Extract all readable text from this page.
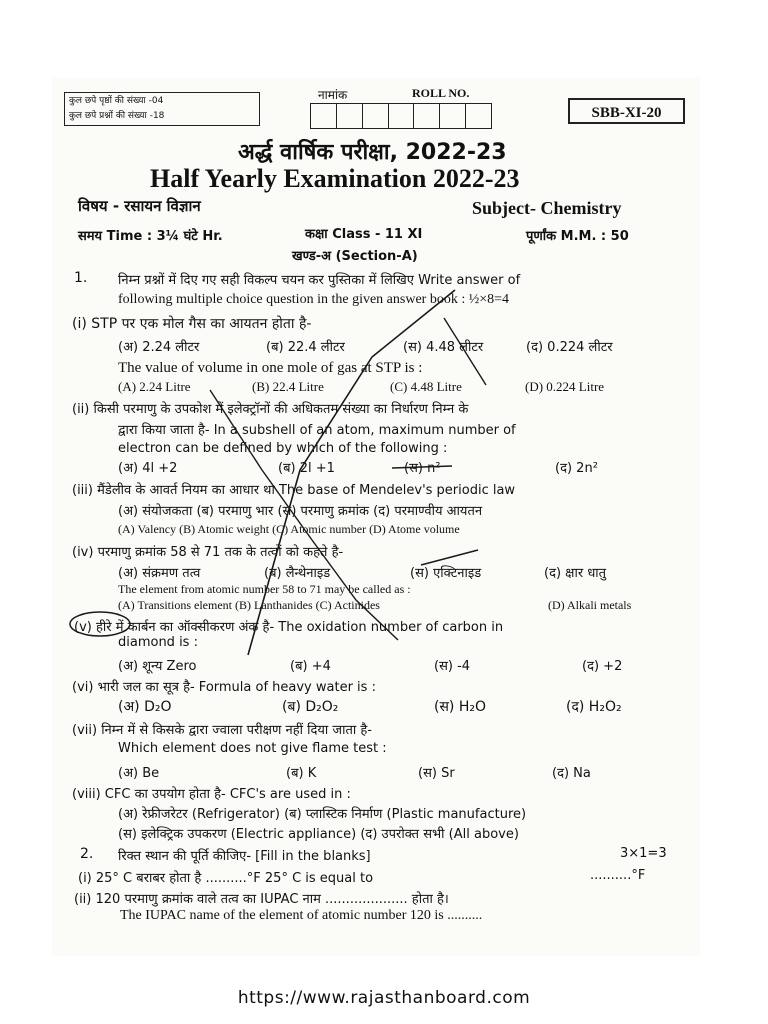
कुल छपे पृष्ठों की संख्या -04
कुल छपे प्रश्नों की संख्या -18
नामांक	ROLL NO.
SBB-XI-20
अर्द्ध वार्षिक परीक्षा, 2022-23
Half Yearly Examination 2022-23
विषय - रसायन विज्ञान	Subject- Chemistry
समय Time : 3¼ घंटे Hr.	कक्षा Class - 11 XI	पूर्णांक M.M. : 50
खण्ड-अ (Section-A)
1. निम्न प्रश्नों में दिए गए सही विकल्प चयन कर पुस्तिका में लिखिए Write answer of
following multiple choice question in the given answer book : ½×8=4
(i) STP पर एक मोल गैस का आयतन होता है-
(अ) 2.24 लीटर	(ब) 22.4 लीटर	(स) 4.48 लीटर	(द) 0.224 लीटर
The value of volume in one mole of gas at STP is :
(A) 2.24 Litre	(B) 22.4 Litre	(C) 4.48 Litre	(D) 0.224 Litre
(ii) किसी परमाणु के उपकोश में इलेक्ट्रॉनों की अधिकतम संख्या का निर्धारण निम्न के
द्वारा किया जाता है- In a subshell of an atom, maximum number of
electron can be defined by which of the following :
(अ) 4l +2	(ब) 2l +1	(स) n²	(द) 2n²
(iii) मैंडेलीव के आवर्त नियम का आधार था The base of Mendelev's periodic law
(अ) संयोजकता (ब) परमाणु भार (स) परमाणु क्रमांक (द) परमाण्वीय आयतन
(A) Valency (B) Atomic weight (C) Atomic number (D) Atome volume
(iv) परमाणु क्रमांक 58 से 71 तक के तत्वों को कहते है-
(अ) संक्रमण तत्व	(ब) लैन्थेनाइड	(स) एक्टिनाइड	(द) क्षार धातु
The element from atomic number 58 to 71 may be called as :
(A) Transitions element (B) Lanthanides (C) Actinides	(D) Alkali metals
(v) हीरे में कार्बन का ऑक्सीकरण अंक है- The oxidation number of carbon in
diamond is :
(अ) शून्य Zero	(ब) +4	(स) -4	(द) +2
(vi) भारी जल का सूत्र है- Formula of heavy water is :
(अ) D₂O	(ब) D₂O₂	(स) H₂O	(द) H₂O₂
(vii) निम्न में से किसके द्वारा ज्वाला परीक्षण नहीं दिया जाता है-
Which element does not give flame test :
(अ) Be	(ब) K	(स) Sr	(द) Na
(viii) CFC का उपयोग होता है- CFC's are used in :
(अ) रेफ्रीजरेटर (Refrigerator) (ब) प्लास्टिक निर्माण (Plastic manufacture)
(स) इलेक्ट्रिक उपकरण (Electric appliance) (द) उपरोक्त सभी (All above)
2. रिक्त स्थान की पूर्ति कीजिए- [Fill in the blanks]	3×1=3
(i) 25° C बराबर होता है ..........°F 25° C is equal to	..........°F
(ii) 120 परमाणु क्रमांक वाले तत्व का IUPAC नाम .................... होता है।
The IUPAC name of the element of atomic number 120 is ..........
https://www.rajasthanboard.com
